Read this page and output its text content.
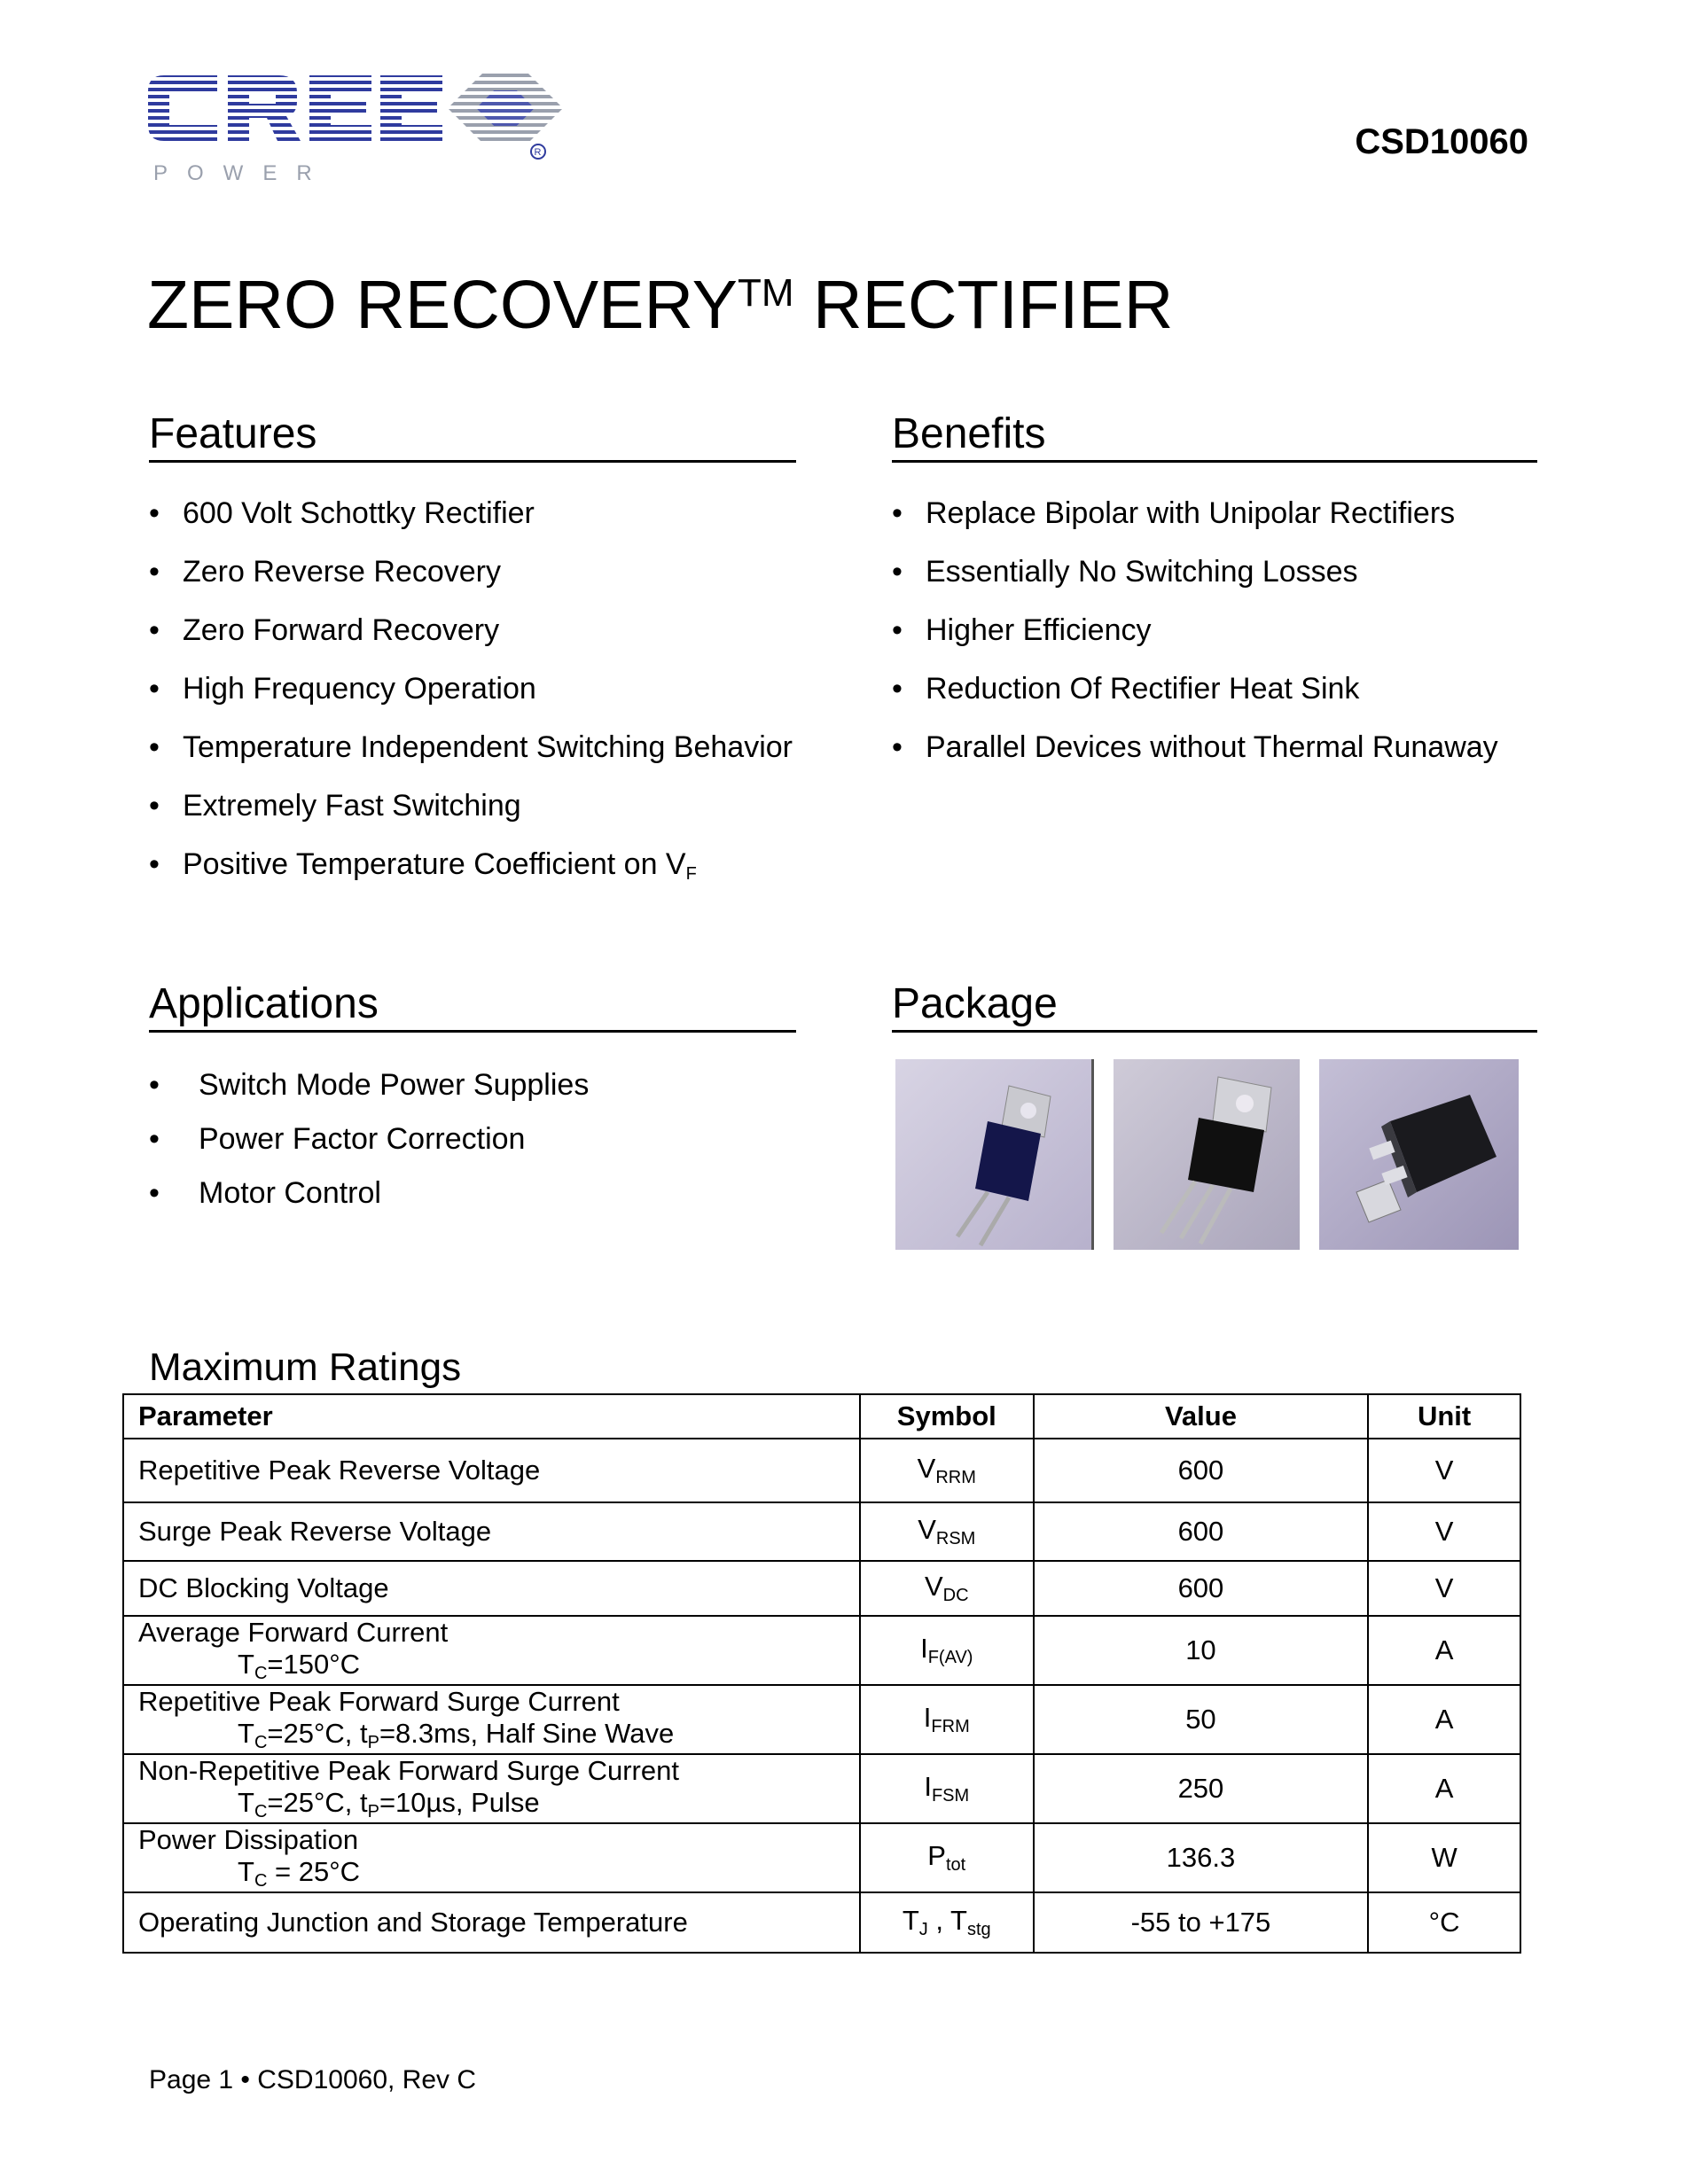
R
POWER
CSD10060
ZERO RECOVERY™ RECTIFIER
Features
• 600 Volt Schottky Rectifier
• Zero Reverse Recovery
• Zero Forward Recovery
• High Frequency Operation
• Temperature Independent Switching Behavior
• Extremely Fast Switching
• Positive Temperature Coefficient on $V_F$
Benefits
• Replace Bipolar with Unipolar Rectifiers
• Essentially No Switching Losses
• Higher Efficiency
• Reduction Of Rectifier Heat Sink
• Parallel Devices without Thermal Runaway
Applications
• Switch Mode Power Supplies
• Power Factor Correction
• Motor Control
Package
Maximum Ratings
Parameter	Symbol	Value	Unit
Repetitive Peak Reverse Voltage	$V_{RRM}$	600	V
Surge Peak Reverse Voltage	$V_{RSM}$	600	V
DC Blocking Voltage	$V_{DC}$	600	V
Average Forward Current
$T_C=150^\circ C$	$I_{F(AV)}$	10	A
Repetitive Peak Forward Surge Current
$T_C=25^\circ C$, $t_P=8.3ms$, Half Sine Wave	$I_{FRM}$	50	A
Non-Repetitive Peak Forward Surge Current
$T_C=25^\circ C$, $t_P=10\mu s$, Pulse	$I_{FSM}$	250	A
Power Dissipation
$T_C = 25^\circ C$	$P_{tot}$	136.3	W
Operating Junction and Storage Temperature	$T_J$ , $T_{stg}$	-55 to +175	°C
Page 1 • CSD10060, Rev C
